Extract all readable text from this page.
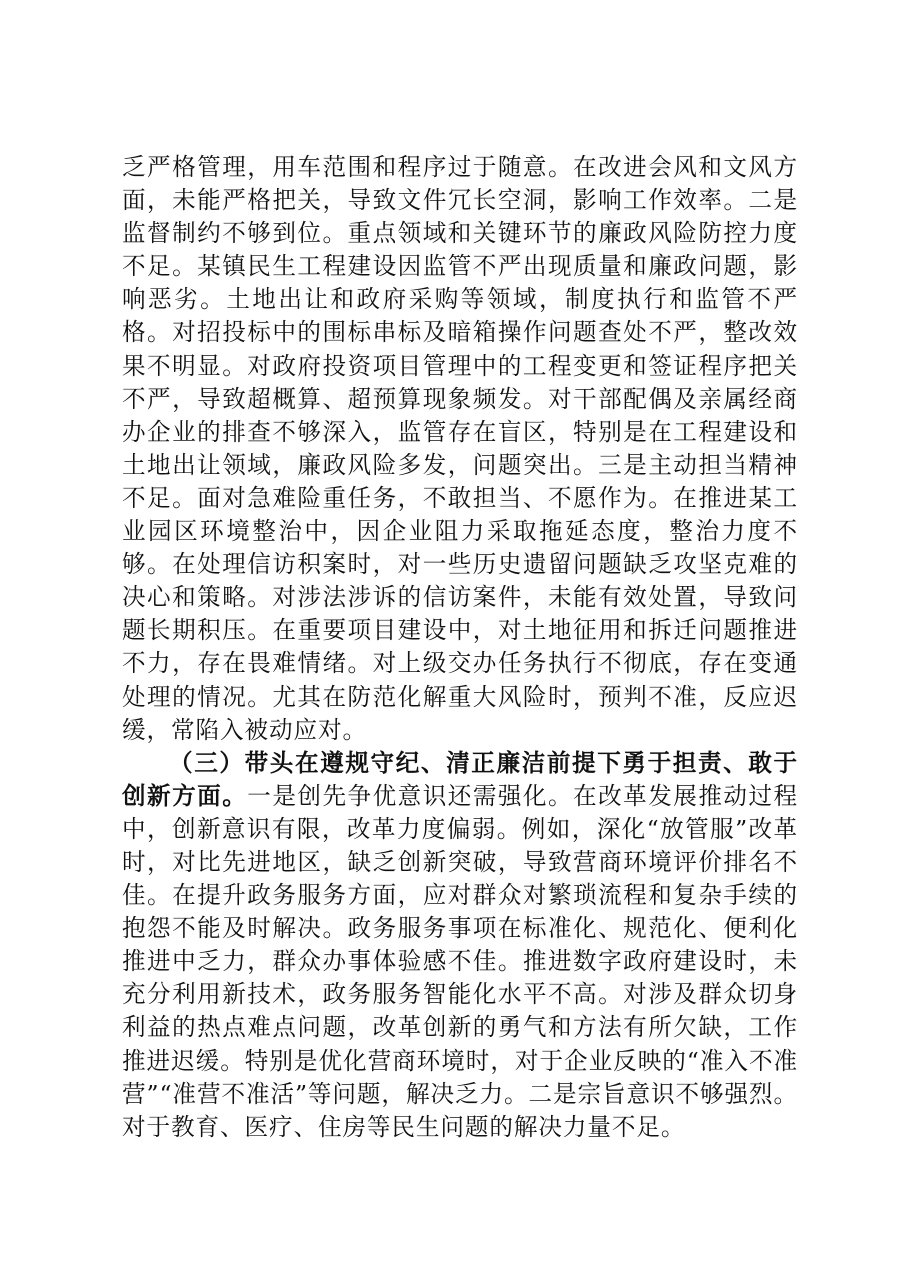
乏严格管理，用车范围和程序过于随意。在改进会风和文风方面，未能严格把关，导致文件冗长空洞，影响工作效率。二是监督制约不够到位。重点领域和关键环节的廉政风险防控力度不足。某镇民生工程建设因监管不严出现质量和廉政问题，影响恶劣。土地出让和政府采购等领域，制度执行和监管不严格。对招投标中的围标串标及暗箱操作问题查处不严，整改效果不明显。对政府投资项目管理中的工程变更和签证程序把关不严，导致超概算、超预算现象频发。对干部配偶及亲属经商办企业的排查不够深入，监管存在盲区，特别是在工程建设和土地出让领域，廉政风险多发，问题突出。三是主动担当精神不足。面对急难险重任务，不敢担当、不愿作为。在推进某工业园区环境整治中，因企业阻力采取拖延态度，整治力度不够。在处理信访积案时，对一些历史遗留问题缺乏攻坚克难的决心和策略。对涉法涉诉的信访案件，未能有效处置，导致问题长期积压。在重要项目建设中，对土地征用和拆迁问题推进不力，存在畏难情绪。对上级交办任务执行不彻底，存在变通处理的情况。尤其在防范化解重大风险时，预判不准，反应迟缓，常陷入被动应对。

（三）带头在遵规守纪、清正廉洁前提下勇于担责、敢于创新方面。一是创先争优意识还需强化。在改革发展推动过程中，创新意识有限，改革力度偏弱。例如，深化“放管服”改革时，对比先进地区，缺乏创新突破，导致营商环境评价排名不佳。在提升政务服务方面，应对群众对繁琐流程和复杂手续的抱怨不能及时解决。政务服务事项在标准化、规范化、便利化推进中乏力，群众办事体验感不佳。推进数字政府建设时，未充分利用新技术，政务服务智能化水平不高。对涉及群众切身利益的热点难点问题，改革创新的勇气和方法有所欠缺，工作推进迟缓。特别是优化营商环境时，对于企业反映的“准入不准营”“准营不准活”等问题，解决乏力。二是宗旨意识不够强烈。对于教育、医疗、住房等民生问题的解决力量不足。
